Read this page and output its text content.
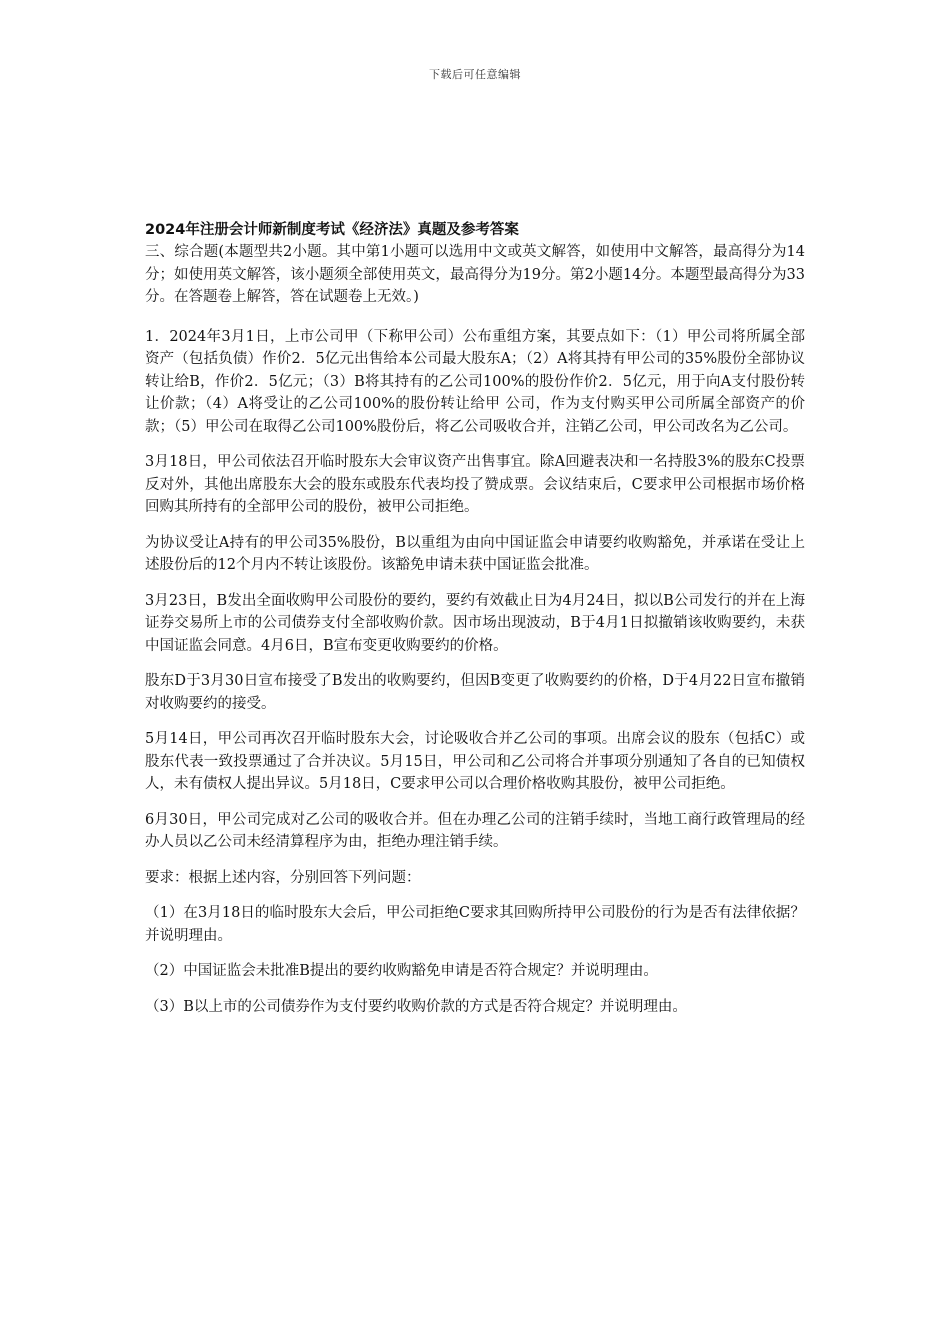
下载后可任意编辑
2024年注册会计师新制度考试《经济法》真题及参考答案

三、综合题(本题型共2小题。其中第1小题可以选用中文或英文解答，如使用中文解答，最高得分为14分；如使用英文解答，该小题须全部使用英文，最高得分为19分。第2小题14分。本题型最高得分为33分。在答题卷上解答，答在试题卷上无效。)

1．2024年3月1日，上市公司甲（下称甲公司）公布重组方案，其要点如下：（1）甲公司将所属全部资产（包括负债）作价2．5亿元出售给本公司最大股东A；（2）A将其持有甲公司的35%股份全部协议转让给B，作价2．5亿元；（3）B将其持有的乙公司100%的股份作价2．5亿元，用于向A支付股份转让价款；（4）A将受让的乙公司100%的股份转让给甲 公司，作为支付购买甲公司所属全部资产的价款；（5）甲公司在取得乙公司100%股份后，将乙公司吸收合并，注销乙公司，甲公司改名为乙公司。

3月18日，甲公司依法召开临时股东大会审议资产出售事宜。除A回避表决和一名持股3%的股东C投票反对外，其他出席股东大会的股东或股东代表均投了赞成票。会议结束后，C要求甲公司根据市场价格回购其所持有的全部甲公司的股份，被甲公司拒绝。

为协议受让A持有的甲公司35%股份，B以重组为由向中国证监会申请要约收购豁免，并承诺在受让上述股份后的12个月内不转让该股份。该豁免申请未获中国证监会批准。

3月23日，B发出全面收购甲公司股份的要约，要约有效截止日为4月24日，拟以B公司发行的并在上海证券交易所上市的公司债券支付全部收购价款。因市场出现波动，B于4月1日拟撤销该收购要约，未获中国证监会同意。4月6日，B宣布变更收购要约的价格。

股东D于3月30日宣布接受了B发出的收购要约，但因B变更了收购要约的价格，D于4月22日宣布撤销对收购要约的接受。

5月14日，甲公司再次召开临时股东大会，讨论吸收合并乙公司的事项。出席会议的股东（包括C）或股东代表一致投票通过了合并决议。5月15日，甲公司和乙公司将合并事项分别通知了各自的已知债权人，未有债权人提出异议。5月18日，C要求甲公司以合理价格收购其股份，被甲公司拒绝。

6月30日，甲公司完成对乙公司的吸收合并。但在办理乙公司的注销手续时，当地工商行政管理局的经办人员以乙公司未经清算程序为由，拒绝办理注销手续。

要求：根据上述内容，分别回答下列问题：

（1）在3月18日的临时股东大会后，甲公司拒绝C要求其回购所持甲公司股份的行为是否有法律依据？并说明理由。

（2）中国证监会未批准B提出的要约收购豁免申请是否符合规定？并说明理由。

（3）B以上市的公司债券作为支付要约收购价款的方式是否符合规定？并说明理由。
